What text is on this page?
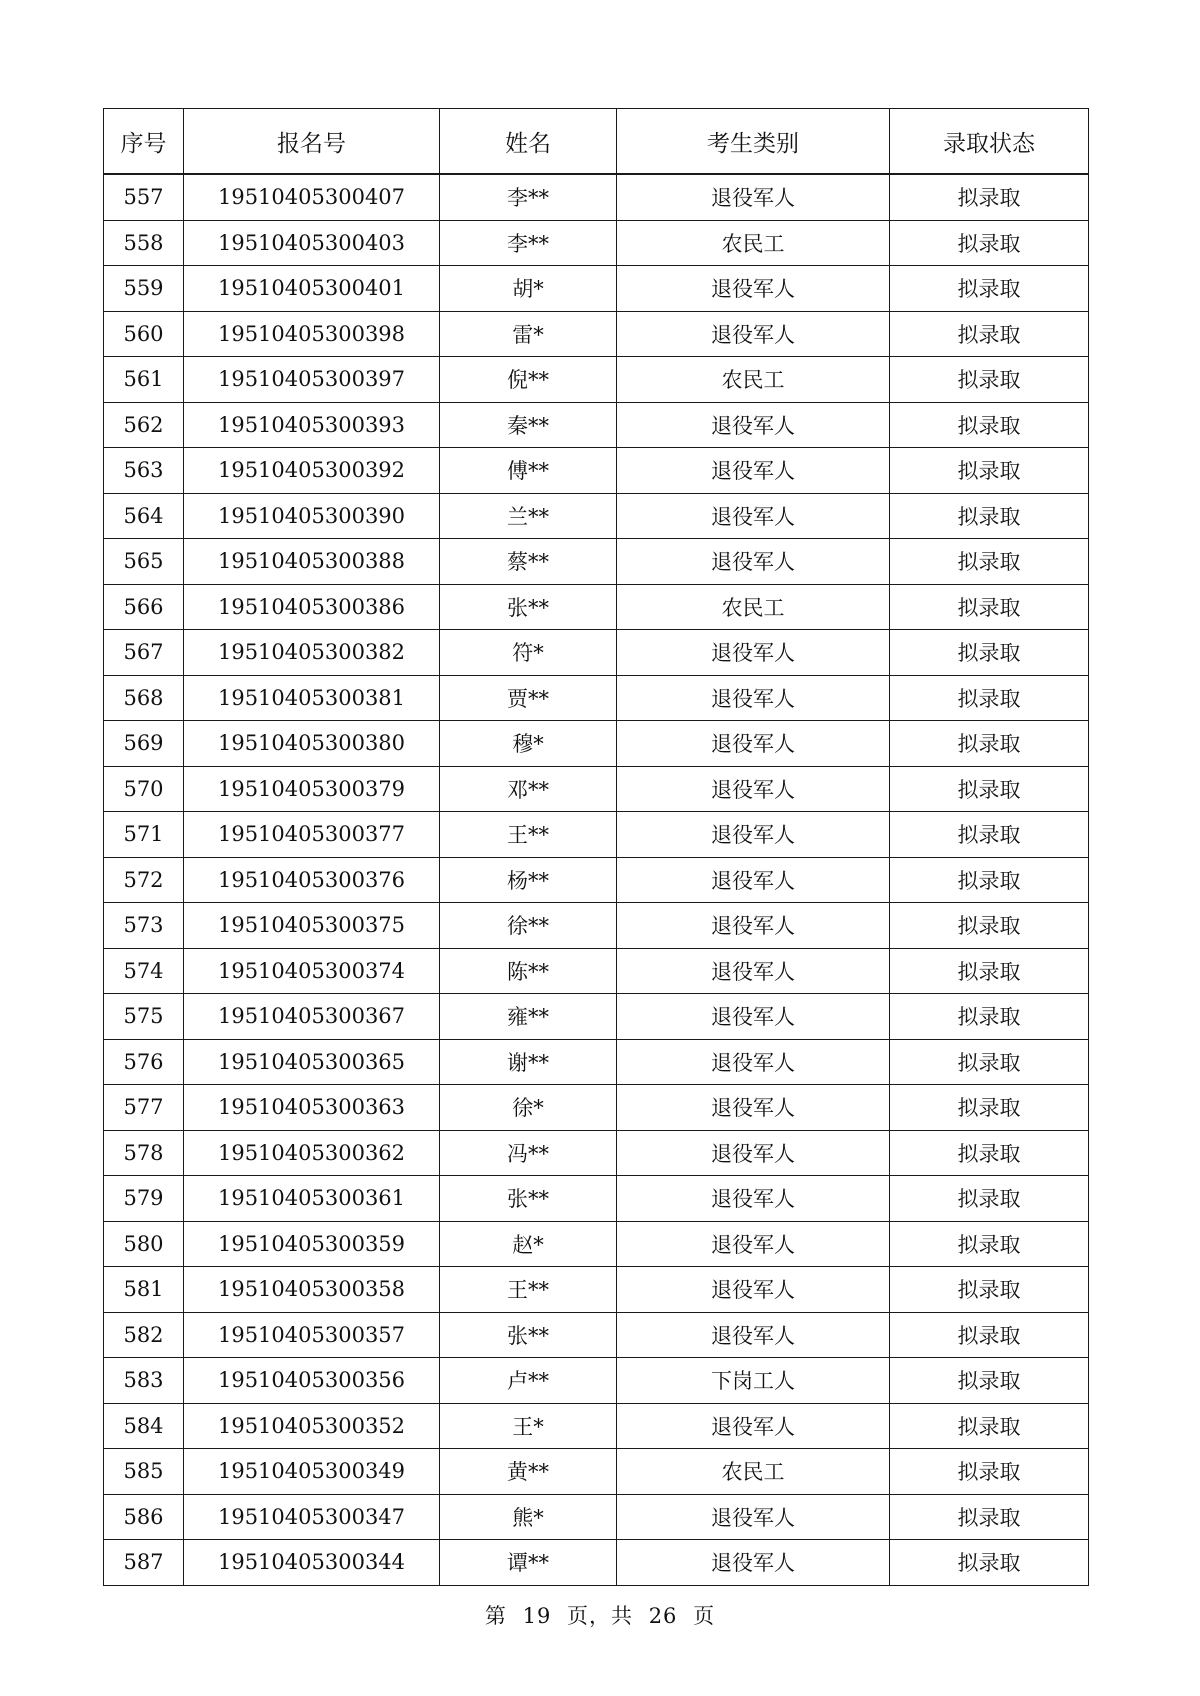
序号	报名号	姓名	考生类别	录取状态
557	19510405300407	李**	退役军人	拟录取
558	19510405300403	李**	农民工	拟录取
559	19510405300401	胡*	退役军人	拟录取
560	19510405300398	雷*	退役军人	拟录取
561	19510405300397	倪**	农民工	拟录取
562	19510405300393	秦**	退役军人	拟录取
563	19510405300392	傅**	退役军人	拟录取
564	19510405300390	兰**	退役军人	拟录取
565	19510405300388	蔡**	退役军人	拟录取
566	19510405300386	张**	农民工	拟录取
567	19510405300382	符*	退役军人	拟录取
568	19510405300381	贾**	退役军人	拟录取
569	19510405300380	穆*	退役军人	拟录取
570	19510405300379	邓**	退役军人	拟录取
571	19510405300377	王**	退役军人	拟录取
572	19510405300376	杨**	退役军人	拟录取
573	19510405300375	徐**	退役军人	拟录取
574	19510405300374	陈**	退役军人	拟录取
575	19510405300367	雍**	退役军人	拟录取
576	19510405300365	谢**	退役军人	拟录取
577	19510405300363	徐*	退役军人	拟录取
578	19510405300362	冯**	退役军人	拟录取
579	19510405300361	张**	退役军人	拟录取
580	19510405300359	赵*	退役军人	拟录取
581	19510405300358	王**	退役军人	拟录取
582	19510405300357	张**	退役军人	拟录取
583	19510405300356	卢**	下岗工人	拟录取
584	19510405300352	王*	退役军人	拟录取
585	19510405300349	黄**	农民工	拟录取
586	19510405300347	熊*	退役军人	拟录取
587	19510405300344	谭**	退役军人	拟录取
第 19 页，共 26 页
